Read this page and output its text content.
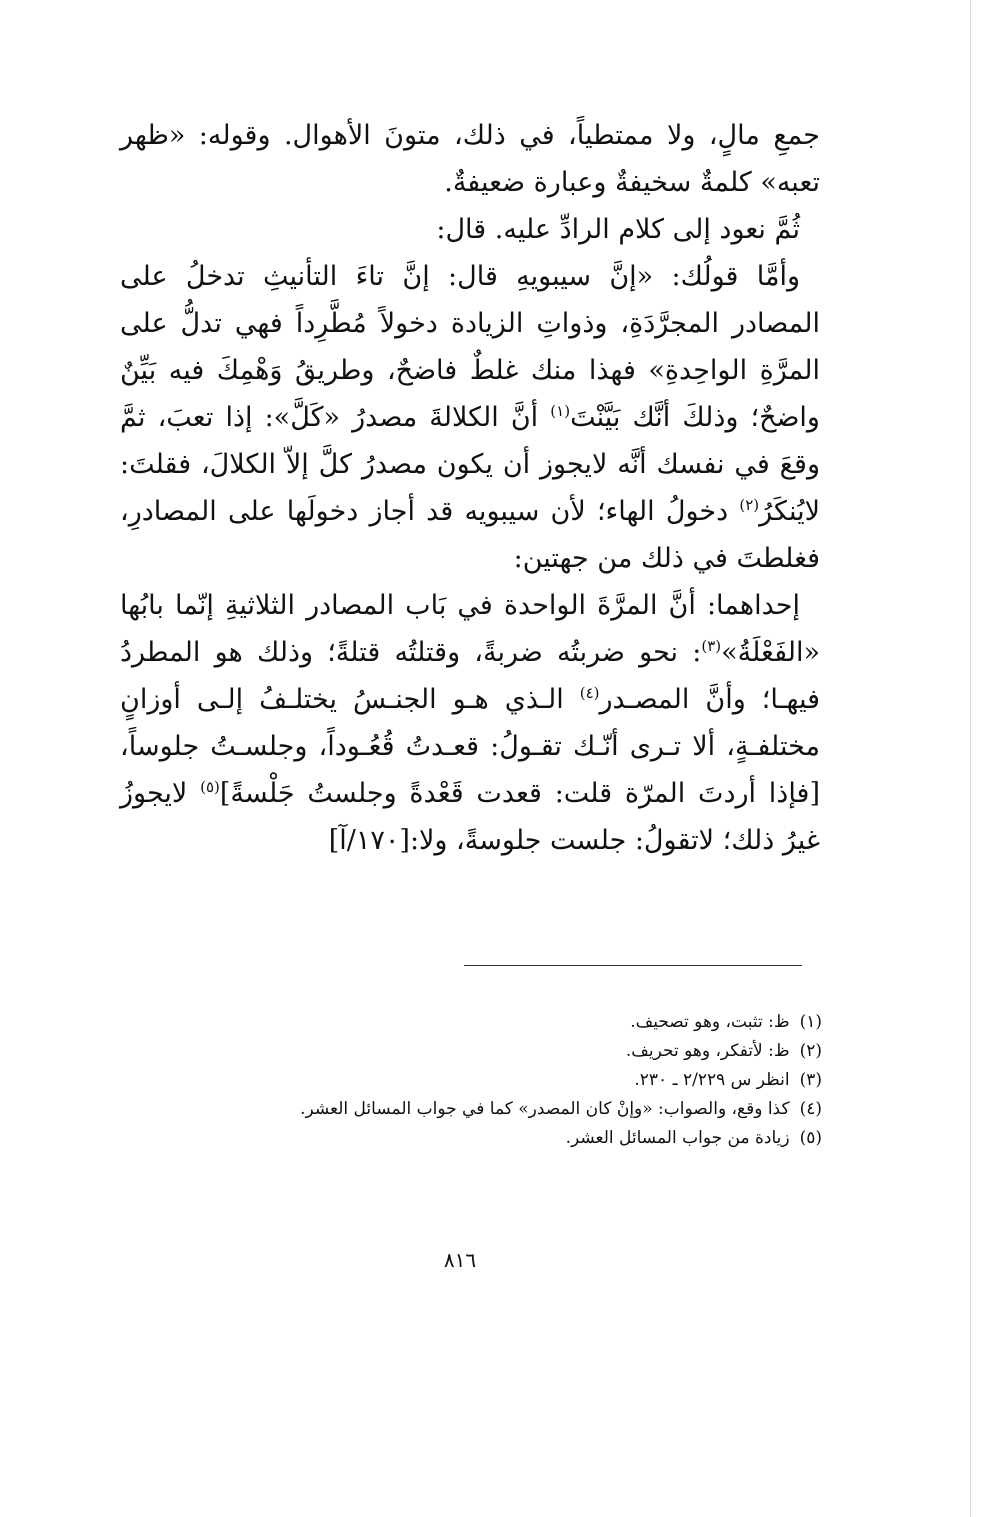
جمعِ مالٍ، ولا ممتطياً، في ذلك، متونَ الأهوال. وقوله: «ظهر تعبه» كلمةٌ سخيفةٌ وعبارة ضعيفةٌ.

ثُمَّ نعود إلى كلام الرادِّ عليه. قال:

وأمَّا قولُك: «إنَّ سيبويهِ قال: إنَّ تاءَ التأنيثِ تدخلُ على المصادر المجرَّدَةِ، وذواتِ الزيادة دخولاً مُطَّرِداً فهي تدلُّ على المرَّةِ الواحِدةِ» فهذا منك غلطٌ فاضحٌ، وطريقُ وَهْمِكَ فيه بَيِّنٌ واضحٌ؛ وذلكَ أنَّك بَيَّنْتَ$^{(١)}$ أنَّ الكلالةَ مصدرُ «كَلَّ»: إذا تعبَ، ثمَّ وقعَ في نفسك أنَّه لايجوز أن يكون مصدرُ كلَّ إلاّ الكلالَ، فقلتَ: لايُنكَرُ$^{(٢)}$ دخولُ الهاء؛ لأن سيبويه قد أجاز دخولَها على المصادرِ، فغلطتَ في ذلك من جهتين:

إحداهما: أنَّ المرَّةَ الواحدة في بَاب المصادر الثلاثيةِ إنّما بابُها «الفَعْلَةُ»$^{(٣)}$: نحو ضربتُه ضربةً، وقتلتُه قتلةً؛ وذلك هو المطردُ فيهـا؛ وأنَّ المصـدر$^{(٤)}$ الـذي هـو الجنـسُ يختلـفُ إلـى أوزانٍ مختلفـةٍ، ألا تـرى أنّـك تقـولُ: قعـدتُ قُعُـوداً، وجلسـتُ جلوساً،[فإذا أردتَ المرّة قلت: قعدت قَعْدةً وجلستُ جَلْسةً]$^{(٥)}$ لايجوزُ غيرُ ذلك؛ لاتقولُ: جلست جلوسةً، ولا:[١٧٠/آ]

(١)
ظ: تثبت، وهو تصحيف.
(٢)
ظ: لأتفكر، وهو تحريف.
(٣)
انظر س ٢/٢٢٩ ـ ٢٣٠.
(٤)
كذا وقع، والصواب: «وإنْ كان المصدر» كما في جواب المسائل العشر.
(٥)
زيادة من جواب المسائل العشر.
٨١٦
